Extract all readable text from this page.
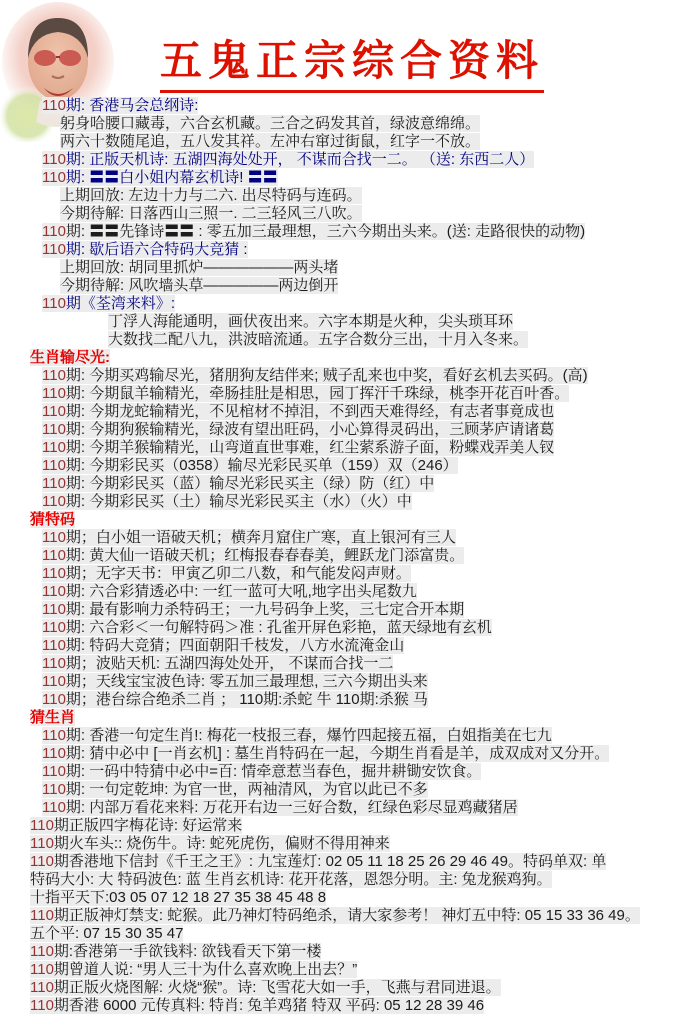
五鬼正宗综合资料
110期: 香港马会总纲诗:
躬身哈腰口藏毒，六合玄机藏。三合之码发其首，绿波意绵绵。
两六十数随尾追，五八发其祥。左冲右窜过街鼠，红字一不放。
110期: 正版天机诗: 五湖四海处处开， 不谋而合找一二。 （送: 东西二人）
110期: 〓〓白小姐内幕玄机诗! 〓〓
上期回放: 左边十力与二六. 出尽特码与连码。
今期待解: 日落西山三照一. 二三轻风三八吹。
110期: 〓〓先锋诗〓〓 : 零五加三最理想，三六今期出头来。(送: 走路很快的动物)
110期: 歇后语六合特码大竞猜 :
上期回放: 胡同里抓炉——————两头堵
今期待解: 风吹墙头草—————两边倒开
110期《荃湾来料》:
丁浮人海能通明，画伏夜出来。六字本期是火种，尖头琐耳环
大数找二配八九，洪波暗流通。五字合数分三出，十月入冬来。
生肖输尽光:
110期: 今期买鸡输尽光，猪朋狗友结伴来; 贼子乱来也中奖，看好玄机去买码。(高)
110期: 今期鼠羊输精光，牵肠挂肚是相思，园丁挥汗千珠绿，桃李开花百叶香。
110期: 今期龙蛇输精光，不见棺材不掉泪，不到西天难得经，有志者事竟成也
110期: 今期狗猴输精光，绿波有望出旺码，小心算得灵码出，三顾茅庐请诸葛
110期: 今期羊猴输精光，山弯道直世事难，红尘萦系游子面，粉蝶戏弄美人钗
110期: 今期彩民买（0358）输尽光彩民买单（159）双（246）
110期: 今期彩民买（蓝）输尽光彩民买主（绿）防（红）中
110期: 今期彩民买（土）输尽光彩民买主（水）（火）中
猜特码
110期；白小姐一语破天机；横奔月窟住广寒，直上银河有三人
110期: 黄大仙一语破天机；红梅报春春春美，鲤跃龙门添富贵。
110期；无字天书：甲寅乙卯二八数，和气能发闷声财。
110期: 六合彩猜透必中: 一红一蓝可大吼,地字出头尾数九
110期: 最有影响力杀特码王；一九号码争上奖，三七定合开本期
110期: 六合彩＜一句解特码＞准 : 孔雀开屏色彩艳，蓝天绿地有玄机
110期: 特码大竞猜；四面朝阳千枝发，八方水流淹金山
110期；波贴天机: 五湖四海处处开， 不谋而合找一二
110期；天线宝宝波色诗: 零五加三最理想, 三六今期出头来
110期；港台综合绝杀二肖 ； 110期:杀蛇 牛 110期:杀猴 马
猜生肖
110期: 香港一句定生肖!: 梅花一枝报三春，爆竹四起接五福，白姐指美在七九
110期: 猜中必中 [一肖玄机] : 墓生肖特码在一起，今期生肖看是羊，成双成对又分开。
110期: 一码中特猜中必中=百: 情牵意惹当春色，掘井耕锄安饮食。
110期: 一句定乾坤: 为官一世，两袖清风，为官以此已不多
110期: 内部万看花来料: 万花开右边一三好合数，红绿色彩尽显鸡藏猪居
110期正版四字梅花诗: 好运常来
110期火车头:: 烧伤牛。诗: 蛇死虎伤，偏财不得用神来
110期香港地下信封《千王之王》: 九宝莲灯: 02 05 11 18 25 26 29 46 49。特码单双: 单
特码大小: 大 特码波色: 蓝 生肖玄机诗: 花开花落，恩怨分明。主: 兔龙猴鸡狗。
十指平天下:03 05 07 12 18 27 35 38 45 48 8
110期正版神灯禁支: 蛇猴。此乃神灯特码绝杀，请大家参考！ 神灯五中特: 05 15 33 36 49。
五个平: 07 15 30 35 47
110期:香港第一手欲钱料: 欲钱看天下第一楼
110期曾道人说: “男人三十为什么喜欢晚上出去？”
110期正版火烧图解: 火烧“猴”。诗: 飞雪花大如一手，飞燕与君同进退。
110期香港 6000 元传真料: 特肖: 兔羊鸡猪 特双 平码: 05 12 28 39 46
